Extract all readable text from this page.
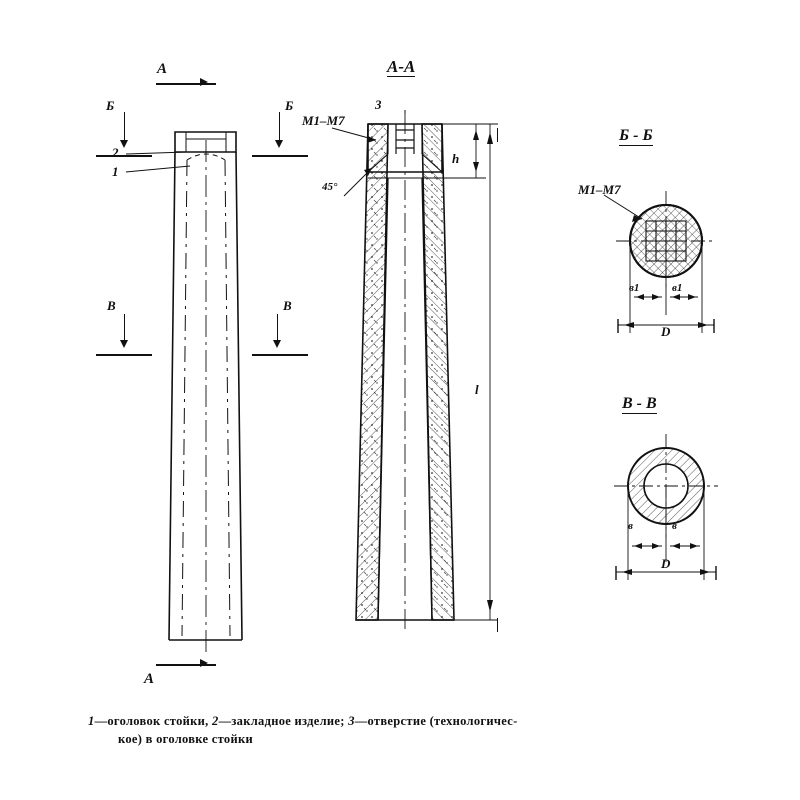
А
А
Б	Б
В	В
2
1
А-А
3
М1–М7
45°
h
l
Б - Б
М1–М7
в1	в1
D
В - В
в	в
D
1—оголовок стойки, 2—закладное изделие; 3—отверстие (технологичес-
кое) в оголовке стойки
